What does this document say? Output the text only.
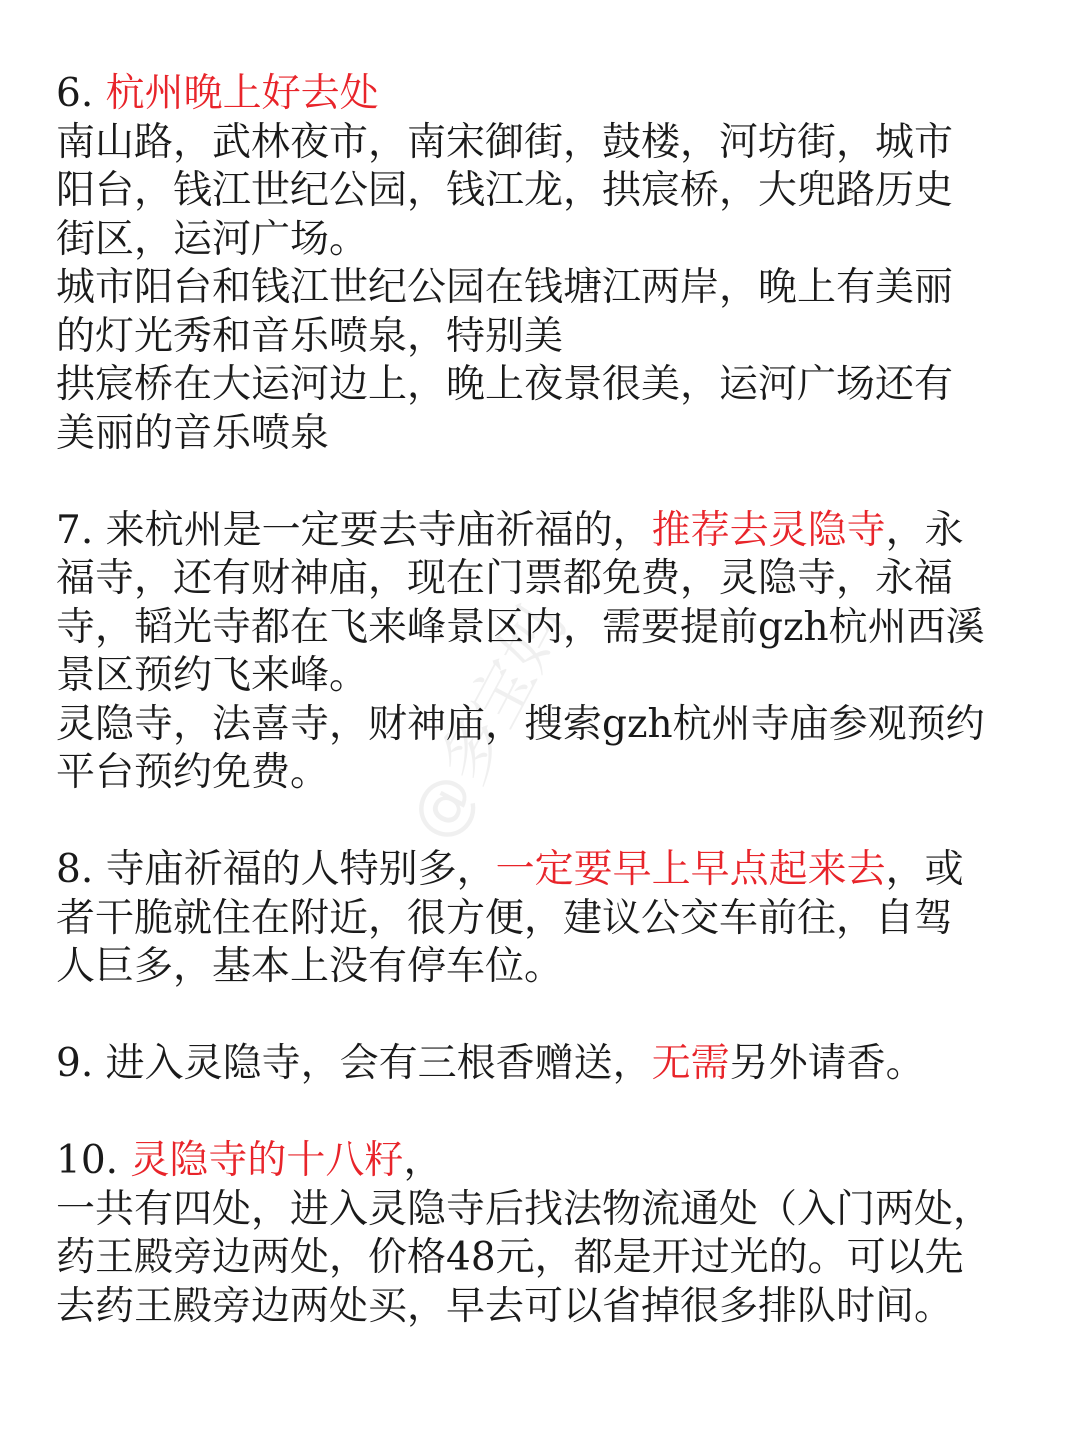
6. 杭州晚上好去处
南山路，武林夜市，南宋御街，鼓楼，河坊街，城市
阳台，钱江世纪公园，钱江龙，拱宸桥，大兜路历史
街区，运河广场。
城市阳台和钱江世纪公园在钱塘江两岸，晚上有美丽
的灯光秀和音乐喷泉，特别美
拱宸桥在大运河边上，晚上夜景很美，运河广场还有
美丽的音乐喷泉
7. 来杭州是一定要去寺庙祈福的，推荐去灵隐寺，永
福寺，还有财神庙，现在门票都免费，灵隐寺，永福
寺，韬光寺都在飞来峰景区内，需要提前gzh杭州西溪
景区预约飞来峰。
灵隐寺，法喜寺，财神庙，搜索gzh杭州寺庙参观预约
平台预约免费。
8. 寺庙祈福的人特别多，一定要早上早点起来去，或
者干脆就住在附近，很方便，建议公交车前往，自驾
人巨多，基本上没有停车位。
9. 进入灵隐寺，会有三根香赠送，无需另外请香。
10. 灵隐寺的十八籽，
一共有四处，进入灵隐寺后找法物流通处（入门两处，
药王殿旁边两处，价格48元，都是开过光的。可以先
去药王殿旁边两处买，早去可以省掉很多排队时间。
@多宝妈
